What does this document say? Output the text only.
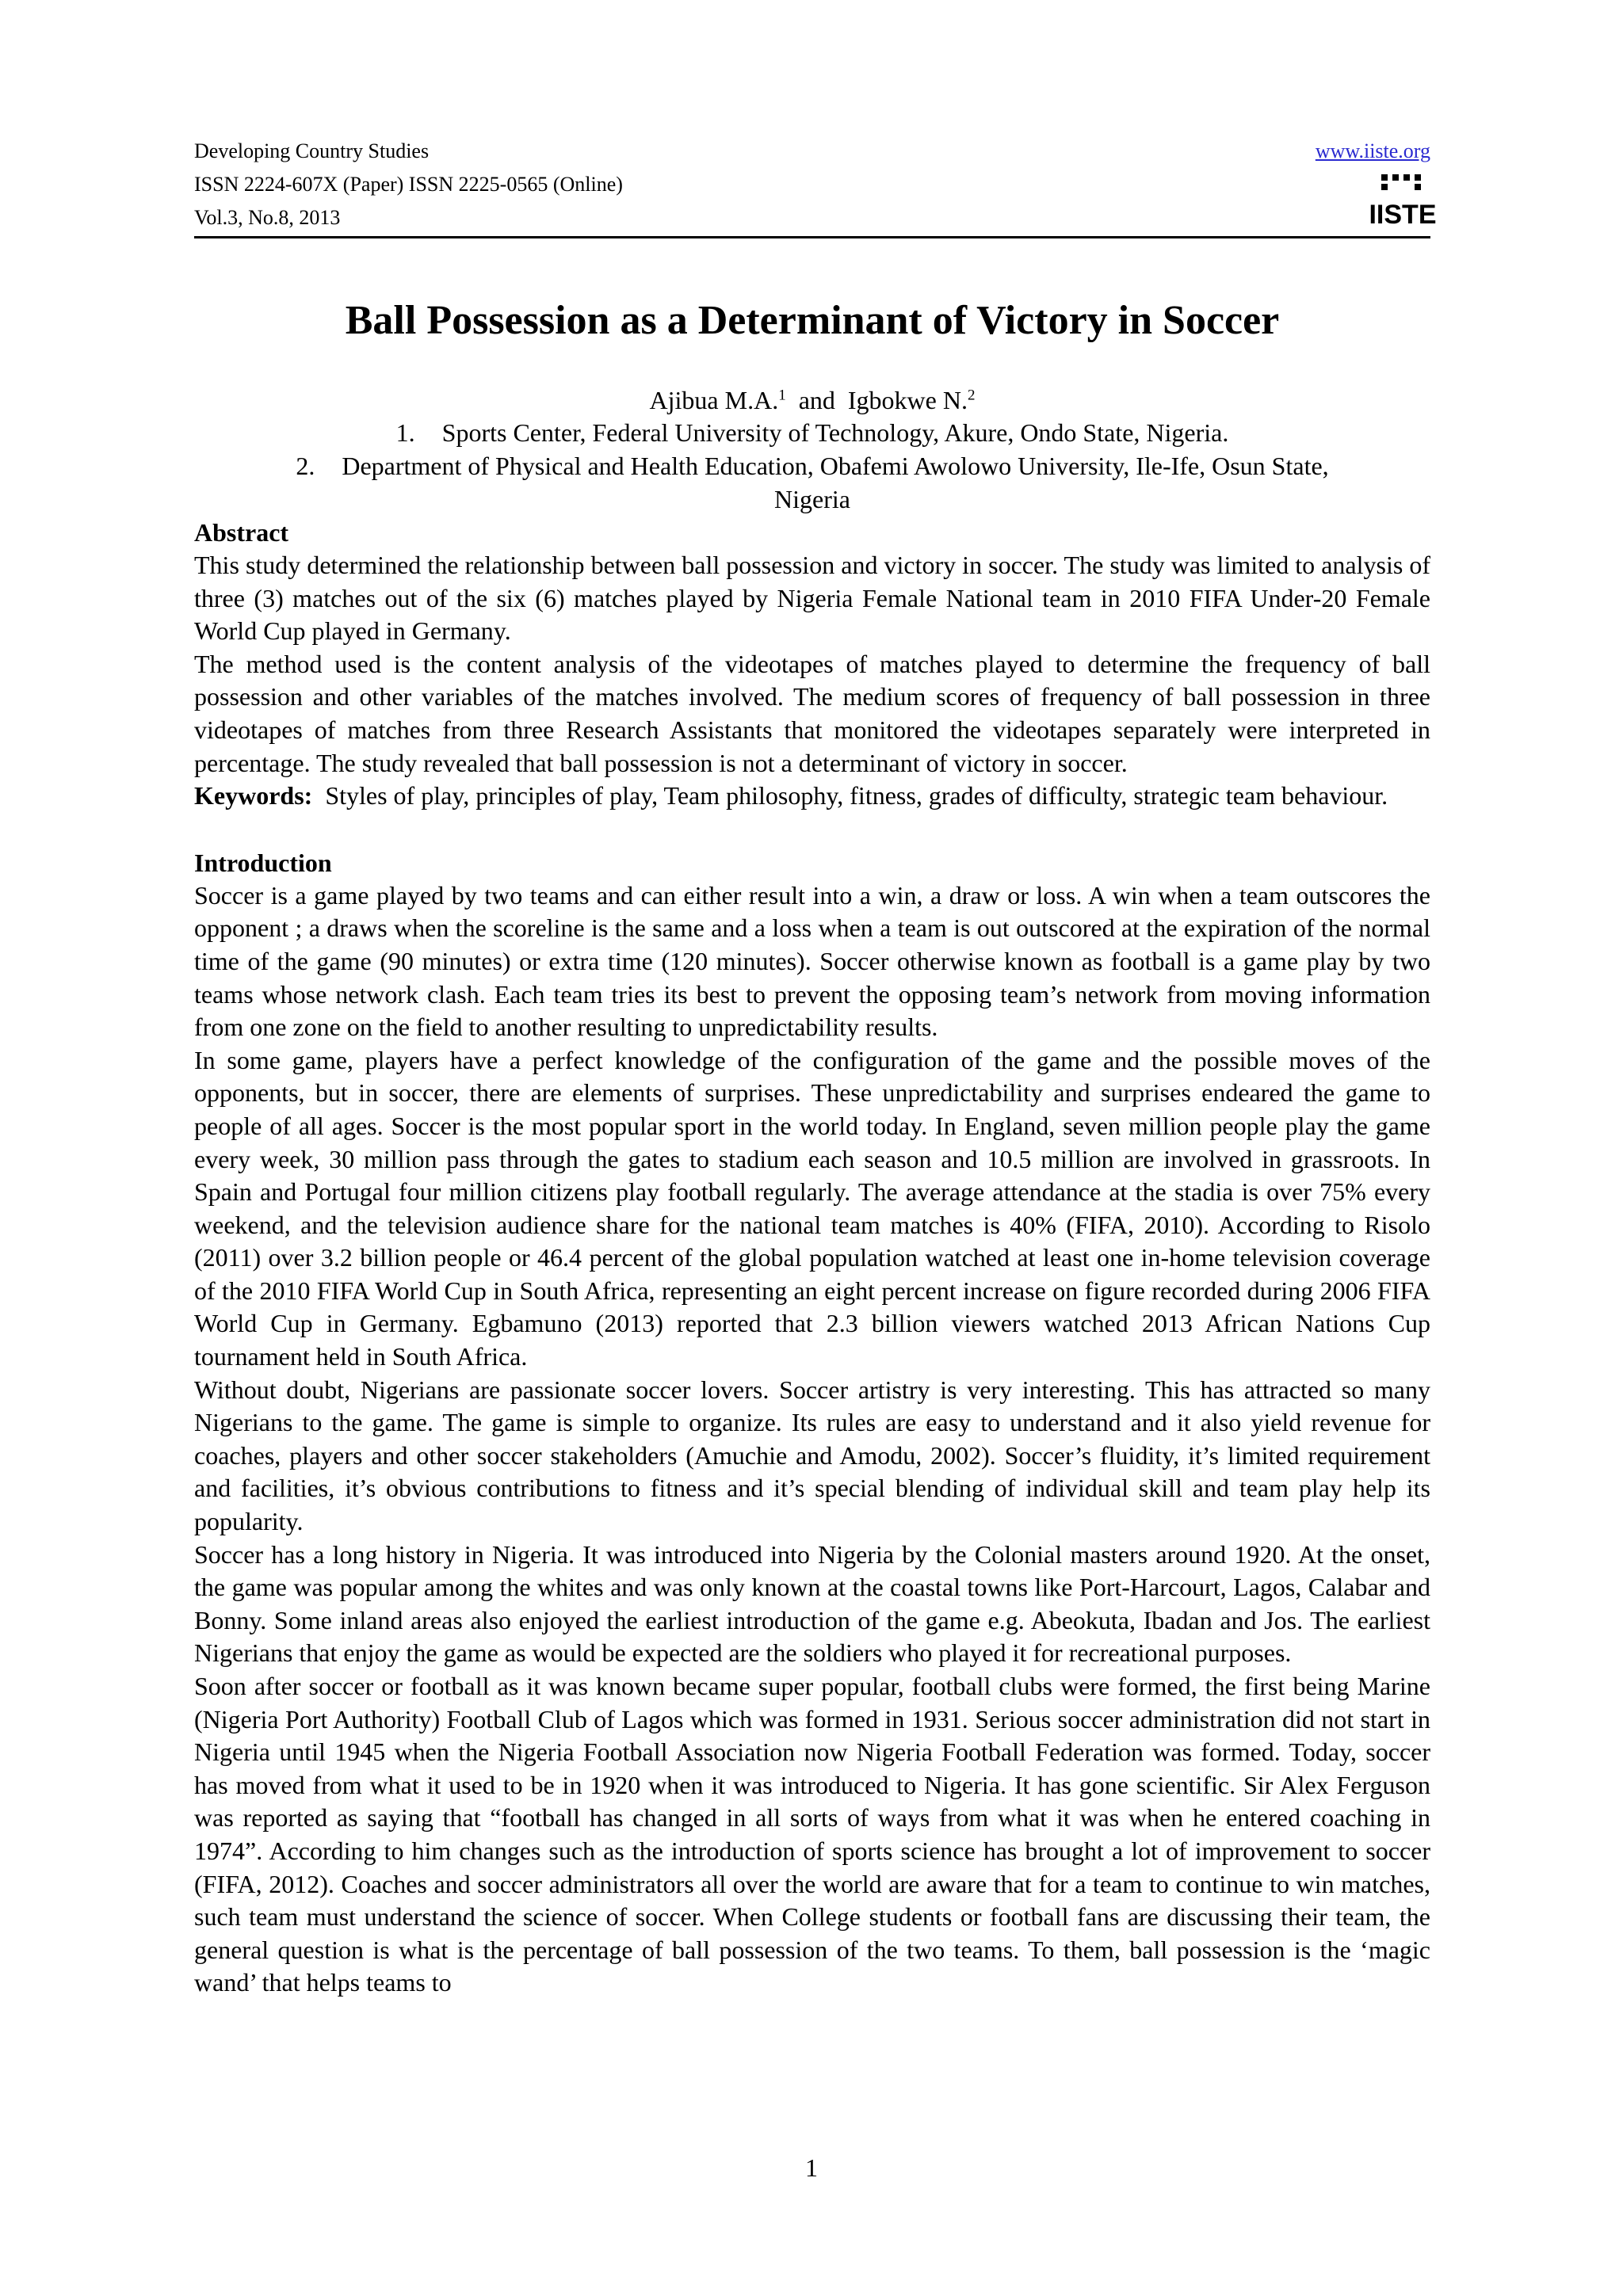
Developing Country Studies
ISSN 2224-607X (Paper) ISSN 2225-0565 (Online)
Vol.3, No.8, 2013
www.iiste.org
IISTE
Ball Possession as a Determinant of Victory in Soccer
Ajibua M.A.$^1$ and Igbokwe N.$^2$
1. Sports Center, Federal University of Technology, Akure, Ondo State, Nigeria.
2. Department of Physical and Health Education, Obafemi Awolowo University, Ile-Ife, Osun State,
Nigeria
Abstract

This study determined the relationship between ball possession and victory in soccer. The study was limited to analysis of three (3) matches out of the six (6) matches played by Nigeria Female National team in 2010 FIFA Under-20 Female World Cup played in Germany.

The method used is the content analysis of the videotapes of matches played to determine the frequency of ball possession and other variables of the matches involved. The medium scores of frequency of ball possession in three videotapes of matches from three Research Assistants that monitored the videotapes separately were interpreted in percentage. The study revealed that ball possession is not a determinant of victory in soccer.

Keywords: Styles of play, principles of play, Team philosophy, fitness, grades of difficulty, strategic team behaviour.

Introduction

Soccer is a game played by two teams and can either result into a win, a draw or loss. A win when a team outscores the opponent ; a draws when the scoreline is the same and a loss when a team is out outscored at the expiration of the normal time of the game (90 minutes) or extra time (120 minutes). Soccer otherwise known as football is a game play by two teams whose network clash. Each team tries its best to prevent the opposing team’s network from moving information from one zone on the field to another resulting to unpredictability results.

In some game, players have a perfect knowledge of the configuration of the game and the possible moves of the opponents, but in soccer, there are elements of surprises. These unpredictability and surprises endeared the game to people of all ages. Soccer is the most popular sport in the world today. In England, seven million people play the game every week, 30 million pass through the gates to stadium each season and 10.5 million are involved in grassroots. In Spain and Portugal four million citizens play football regularly. The average attendance at the stadia is over 75% every weekend, and the television audience share for the national team matches is 40% (FIFA, 2010). According to Risolo (2011) over 3.2 billion people or 46.4 percent of the global population watched at least one in-home television coverage of the 2010 FIFA World Cup in South Africa, representing an eight percent increase on figure recorded during 2006 FIFA World Cup in Germany. Egbamuno (2013) reported that 2.3 billion viewers watched 2013 African Nations Cup tournament held in South Africa.

Without doubt, Nigerians are passionate soccer lovers. Soccer artistry is very interesting. This has attracted so many Nigerians to the game. The game is simple to organize. Its rules are easy to understand and it also yield revenue for coaches, players and other soccer stakeholders (Amuchie and Amodu, 2002). Soccer’s fluidity, it’s limited requirement and facilities, it’s obvious contributions to fitness and it’s special blending of individual skill and team play help its popularity.

Soccer has a long history in Nigeria. It was introduced into Nigeria by the Colonial masters around 1920. At the onset, the game was popular among the whites and was only known at the coastal towns like Port-Harcourt, Lagos, Calabar and Bonny. Some inland areas also enjoyed the earliest introduction of the game e.g. Abeokuta, Ibadan and Jos. The earliest Nigerians that enjoy the game as would be expected are the soldiers who played it for recreational purposes.

Soon after soccer or football as it was known became super popular, football clubs were formed, the first being Marine (Nigeria Port Authority) Football Club of Lagos which was formed in 1931. Serious soccer administration did not start in Nigeria until 1945 when the Nigeria Football Association now Nigeria Football Federation was formed. Today, soccer has moved from what it used to be in 1920 when it was introduced to Nigeria. It has gone scientific. Sir Alex Ferguson was reported as saying that “football has changed in all sorts of ways from what it was when he entered coaching in 1974”. According to him changes such as the introduction of sports science has brought a lot of improvement to soccer (FIFA, 2012). Coaches and soccer administrators all over the world are aware that for a team to continue to win matches, such team must understand the science of soccer. When College students or football fans are discussing their team, the general question is what is the percentage of ball possession of the two teams. To them, ball possession is the ‘magic wand’ that helps teams to

1
